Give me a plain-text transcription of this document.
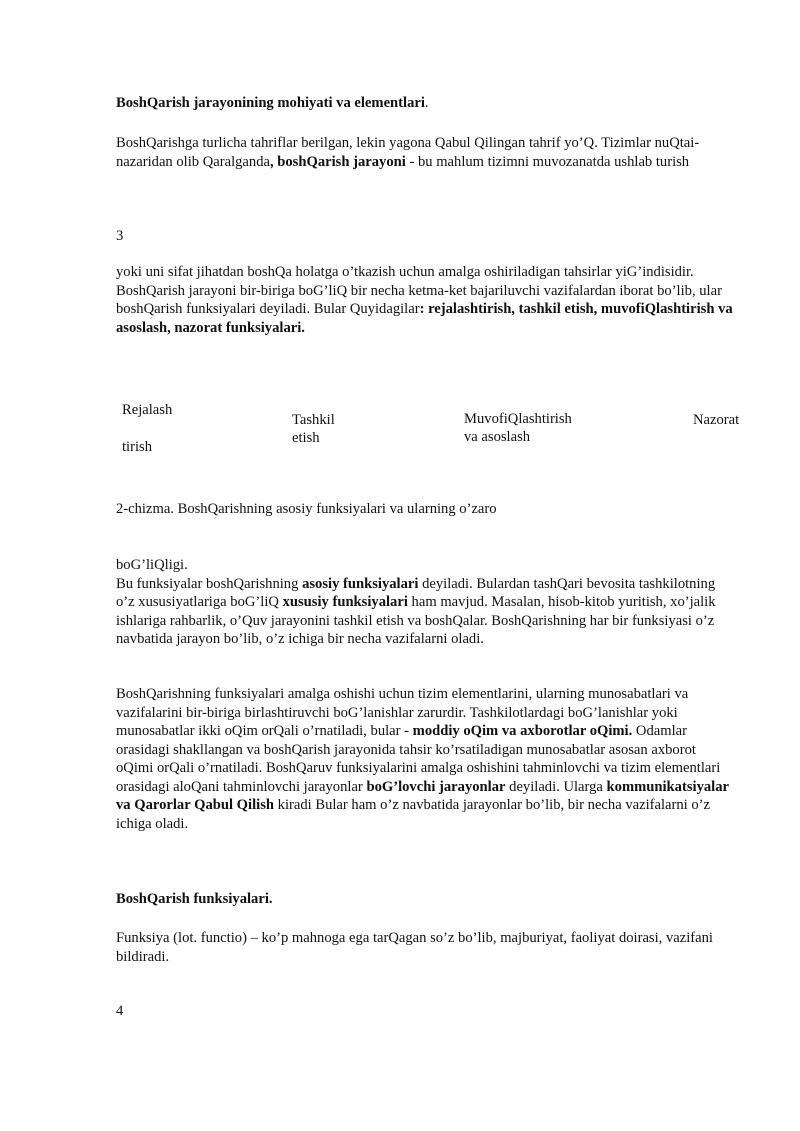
BoshQarish jarayonining mohiyati va elementlari.
BoshQarishga turlicha tahriflar berilgan, lekin yagona Qabul Qilingan tahrif yo’Q. Tizimlar nuQtai-nazaridan olib Qaralganda, boshQarish jarayoni - bu mahlum tizimni muvozanatda ushlab turish
3
yoki uni sifat jihatdan boshQa holatga o’tkazish uchun amalga oshiriladigan tahsirlar yiG’indisidir. BoshQarish jarayoni bir-biriga boG’liQ bir necha ketma-ket bajariluvchi vazifalardan iborat bo’lib, ular boshQarish funksiyalari deyiladi. Bular Quyidagilar: rejalashtirish, tashkil etish, muvofiQlashtirish va asoslash, nazorat funksiyalari.
Rejalash
tirish
Tashkil
etish
MuvofiQlashtirish
va asoslash
Nazorat
2-chizma. BoshQarishning asosiy funksiyalari va ularning o’zaro
boG’liQligi.
Bu funksiyalar boshQarishning asosiy funksiyalari deyiladi. Bulardan tashQari bevosita tashkilotning o’z xususiyatlariga boG’liQ xususiy funksiyalari ham mavjud. Masalan, hisob-kitob yuritish, xo’jalik ishlariga rahbarlik, o’Quv jarayonini tashkil etish va boshQalar. BoshQarishning har bir funksiyasi o’z navbatida jarayon bo’lib, o’z ichiga bir necha vazifalarni oladi.
BoshQarishning funksiyalari amalga oshishi uchun tizim elementlarini, ularning munosabatlari va vazifalarini bir-biriga birlashtiruvchi boG’lanishlar zarurdir. Tashkilotlardagi boG’lanishlar yoki munosabatlar ikki oQim orQali o’rnatiladi, bular - moddiy oQim va axborotlar oQimi. Odamlar orasidagi shakllangan va boshQarish jarayonida tahsir ko’rsatiladigan munosabatlar asosan axborot oQimi orQali o’rnatiladi. BoshQaruv funksiyalarini amalga oshishini tahminlovchi va tizim elementlari orasidagi aloQani tahminlovchi jarayonlar boG’lovchi jarayonlar deyiladi. Ularga kommunikatsiyalar va Qarorlar Qabul Qilish kiradi Bular ham o’z navbatida jarayonlar bo’lib, bir necha vazifalarni o’z ichiga oladi.
BoshQarish funksiyalari.
Funksiya (lot. functio) – ko’p mahnoga ega tarQagan so’z bo’lib, majburiyat, faoliyat doirasi, vazifani bildiradi.
4
